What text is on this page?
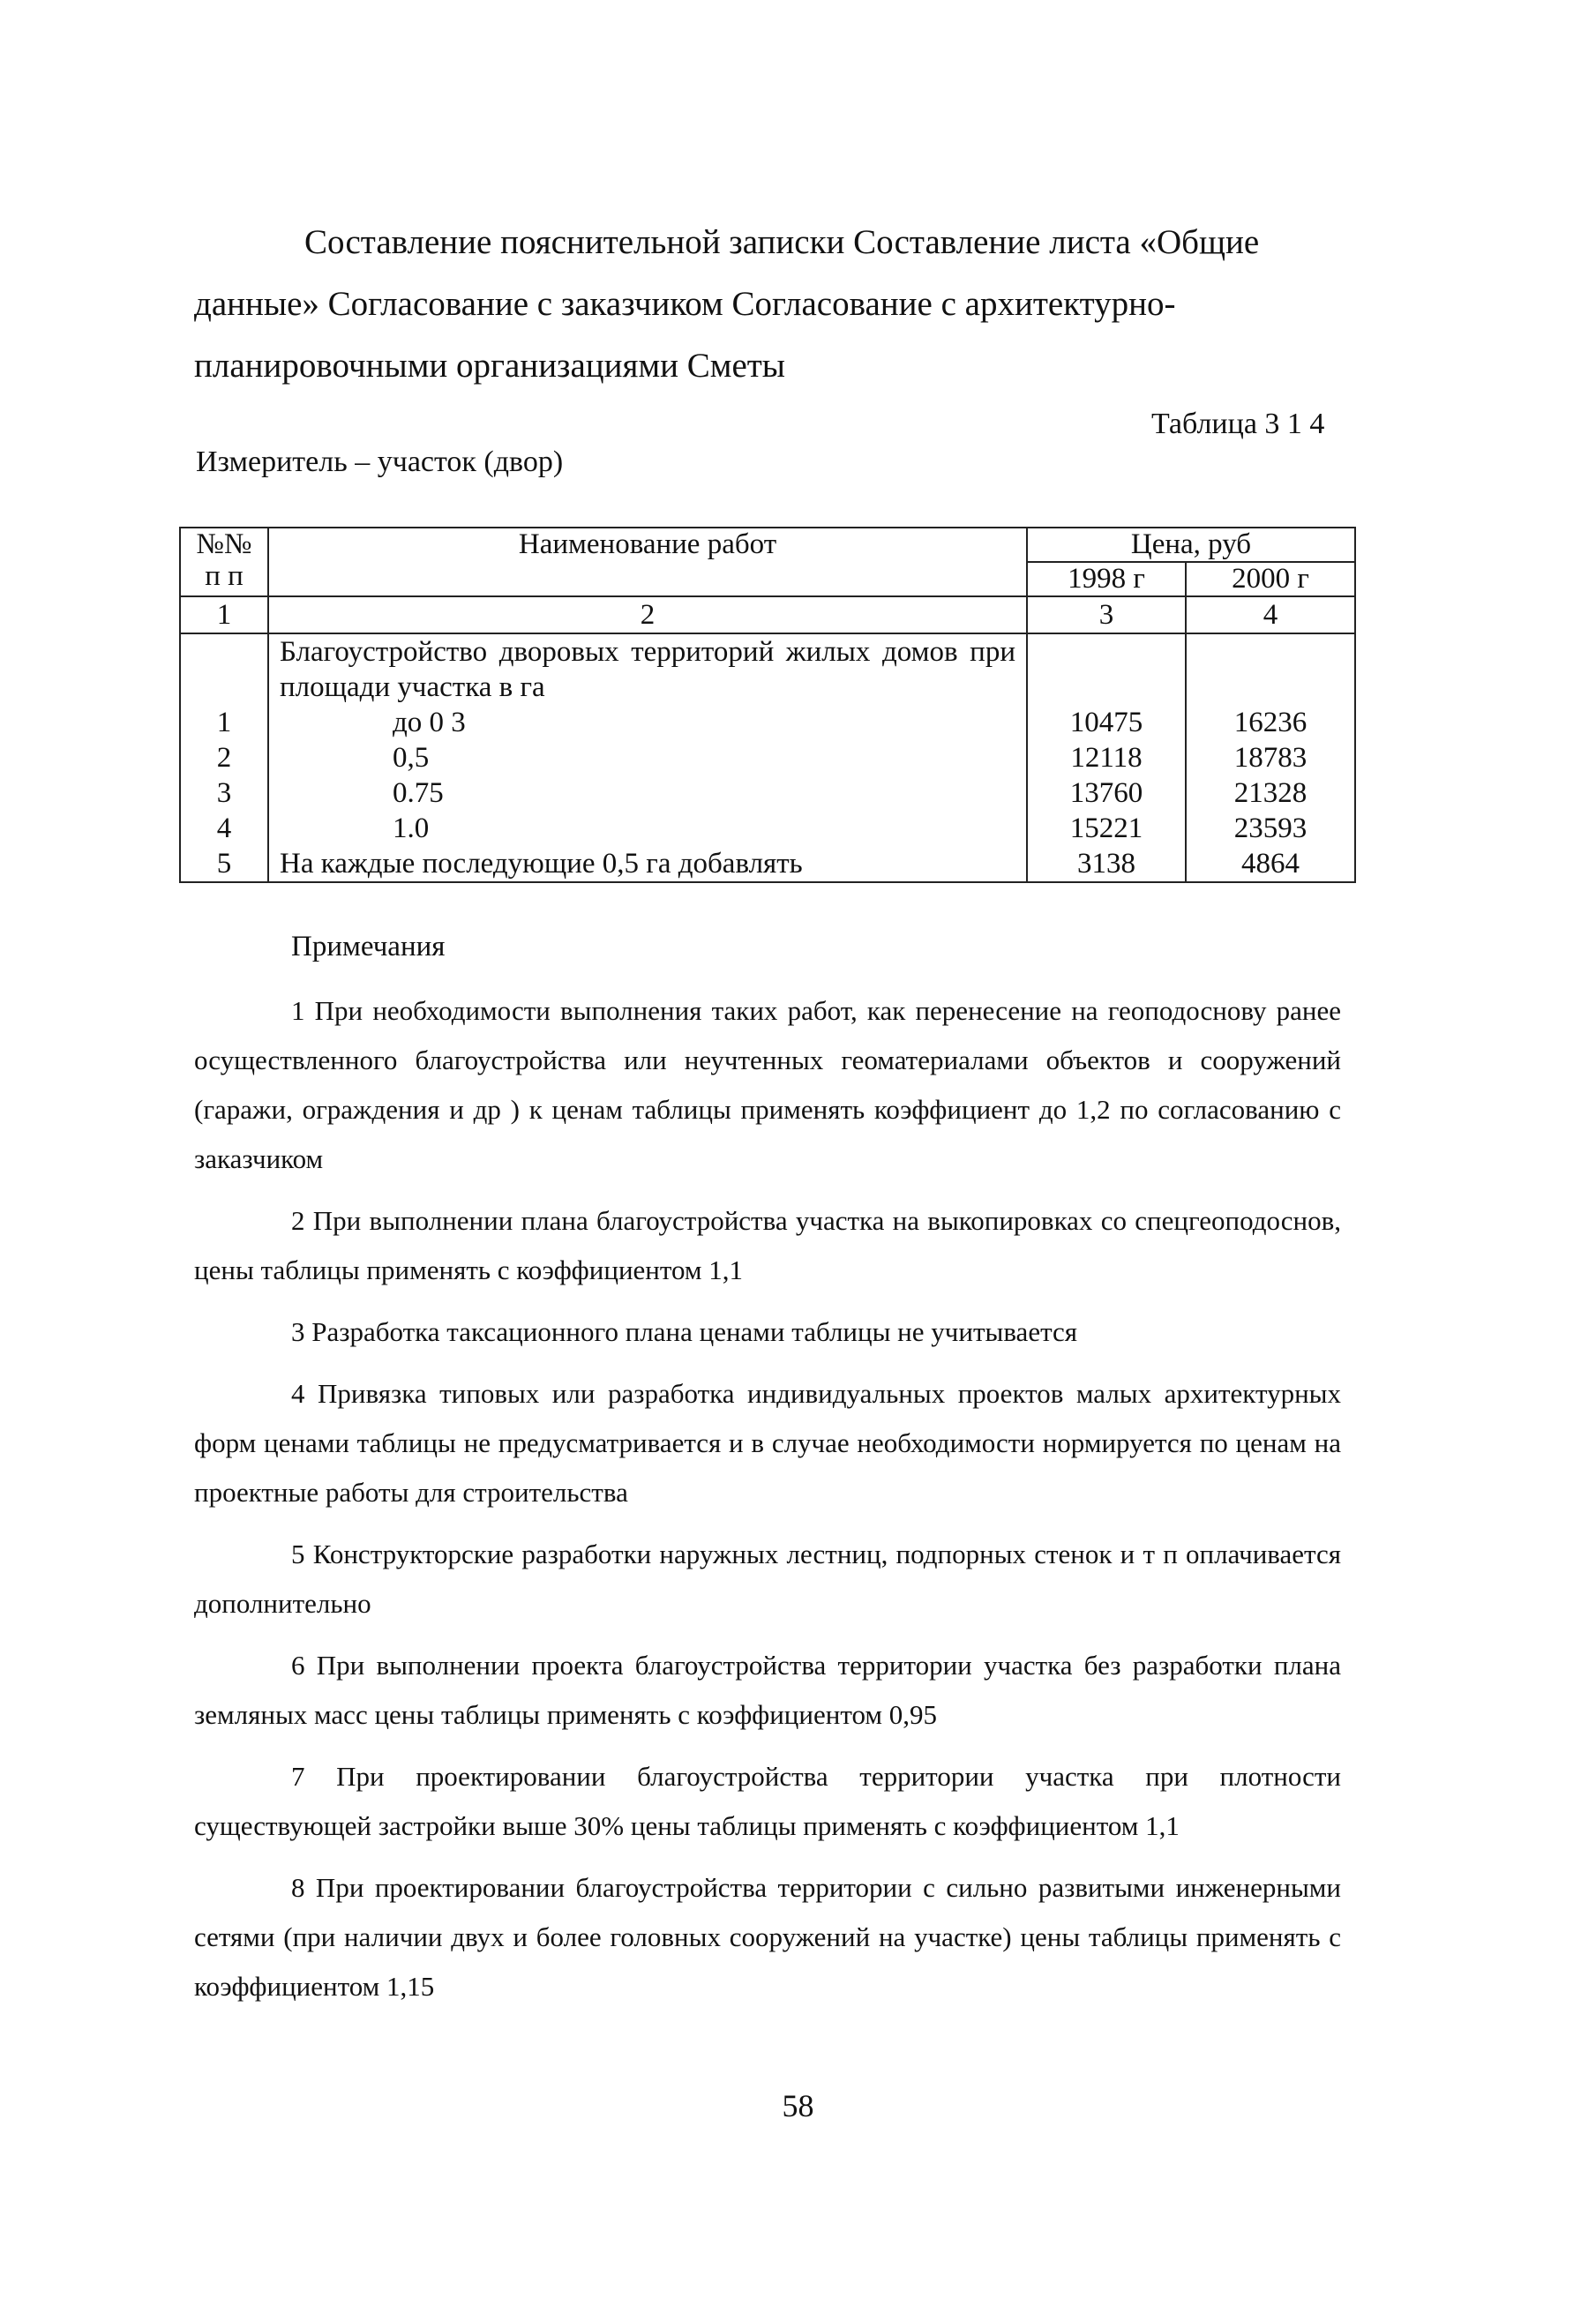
Составление пояснительной записки Составление листа «Общие данные» Согласование с заказчиком Согласование с архитектурно-планировочными организациями Сметы

Таблица 3 1 4

Измеритель – участок (двор)

№№
п п	Наименование работ	Цена, руб	
		1998 г	2000 г
1	2	3	4
	Благоустройство дворовых территорий жилых домов при площади участка в га		
1	до 0 3	10475	16236
2	0,5	12118	18783
3	0.75	13760	21328
4	1.0	15221	23593
5	На каждые последующие 0,5 га добавлять	3138	4864
Примечания

1 При необходимости выполнения таких работ, как перенесение на геоподоснову ранее осуществленного благоустройства или неучтенных геоматериалами объектов и сооружений (гаражи, ограждения и др ) к ценам таблицы применять коэффициент до 1,2 по согласованию с заказчиком

2 При выполнении плана благоустройства участка на выкопировках со спецгеоподоснов, цены таблицы применять с коэффициентом 1,1

3 Разработка таксационного плана ценами таблицы не учитывается

4 Привязка типовых или разработка индивидуальных проектов малых архитектурных форм ценами таблицы не предусматривается и в случае необходимости нормируется по ценам на проектные работы для строительства

5 Конструкторские разработки наружных лестниц, подпорных стенок и т п оплачивается дополнительно

6 При выполнении проекта благоустройства территории участка без разработки плана земляных масс цены таблицы применять с коэффициентом 0,95

7 При проектировании благоустройства территории участка при плотности существующей застройки выше 30% цены таблицы применять с коэффициентом 1,1

8 При проектировании благоустройства территории с сильно развитыми инженерными сетями (при наличии двух и более головных сооружений на участке) цены таблицы применять с коэффициентом 1,15

58
